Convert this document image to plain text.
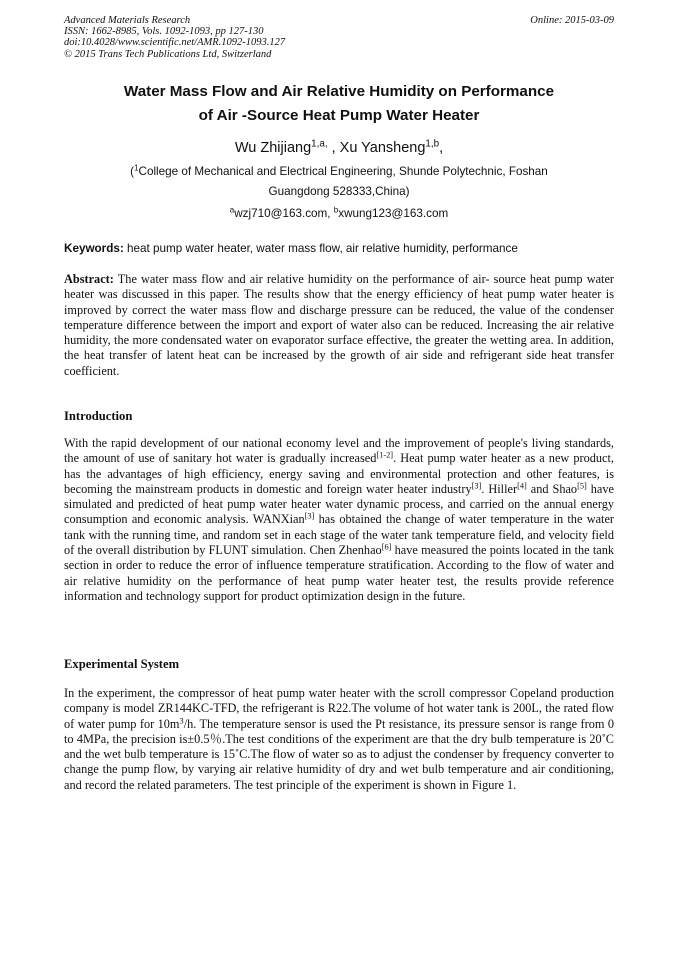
Advanced Materials Research
ISSN: 1662-8985, Vols. 1092-1093, pp 127-130
doi:10.4028/www.scientific.net/AMR.1092-1093.127
© 2015 Trans Tech Publications Ltd, Switzerland
Online: 2015-03-09
Water Mass Flow and Air Relative Humidity on Performance
of Air -Source Heat Pump Water Heater
Wu Zhijiang$^{1,a,}$ , Xu Yansheng$^{1,b}$,
($^1$College of Mechanical and Electrical Engineering, Shunde Polytechnic, Foshan
Guangdong 528333,China)
$^a$wzj710@163.com, $^b$xwung123@163.com
Keywords: heat pump water heater, water mass flow, air relative humidity, performance
Abstract: The water mass flow and air relative humidity on the performance of air- source heat pump water heater was discussed in this paper. The results show that the energy efficiency of heat pump water heater is improved by correct the water mass flow and discharge pressure can be reduced, the value of the condenser temperature difference between the import and export of water also can be reduced. Increasing the air relative humidity, the more condensated water on evaporator surface effective, the greater the wetting area. In addition, the heat transfer of latent heat can be increased by the growth of air side and refrigerant side heat transfer coefficient.
Introduction
With the rapid development of our national economy level and the improvement of people's living standards, the amount of use of sanitary hot water is gradually increased[1-2]. Heat pump water heater as a new product, has the advantages of high efficiency, energy saving and environmental protection and other features, is becoming the mainstream products in domestic and foreign water heater industry[3]. Hiller[4] and Shao[5] have simulated and predicted of heat pump water heater water dynamic process, and carried on the annual energy consumption and economic analysis. WANXian[3] has obtained the change of water temperature in the water tank with the running time, and random set in each stage of the water tank temperature field, and velocity field of the overall distribution by FLUNT simulation. Chen Zhenhao[6] have measured the points located in the tank section in order to reduce the error of influence temperature stratification. According to the flow of water and air relative humidity on the performance of heat pump water heater test, the results provide reference information and technology support for product optimization design in the future.
Experimental System
In the experiment, the compressor of heat pump water heater with the scroll compressor Copeland production company is model ZR144KC-TFD, the refrigerant is R22.The volume of hot water tank is 200L, the rated flow of water pump for $10m^3/h$. The temperature sensor is used the Pt resistance, its pressure sensor is range from 0 to 4MPa, the precision is±0.5％.The test conditions of the experiment are that the dry bulb temperature is 20˚C and the wet bulb temperature is 15˚C.The flow of water so as to adjust the condenser by frequency converter to change the pump flow, by varying air relative humidity of dry and wet bulb temperature and air conditioning, and record the related parameters. The test principle of the experiment is shown in Figure 1.
